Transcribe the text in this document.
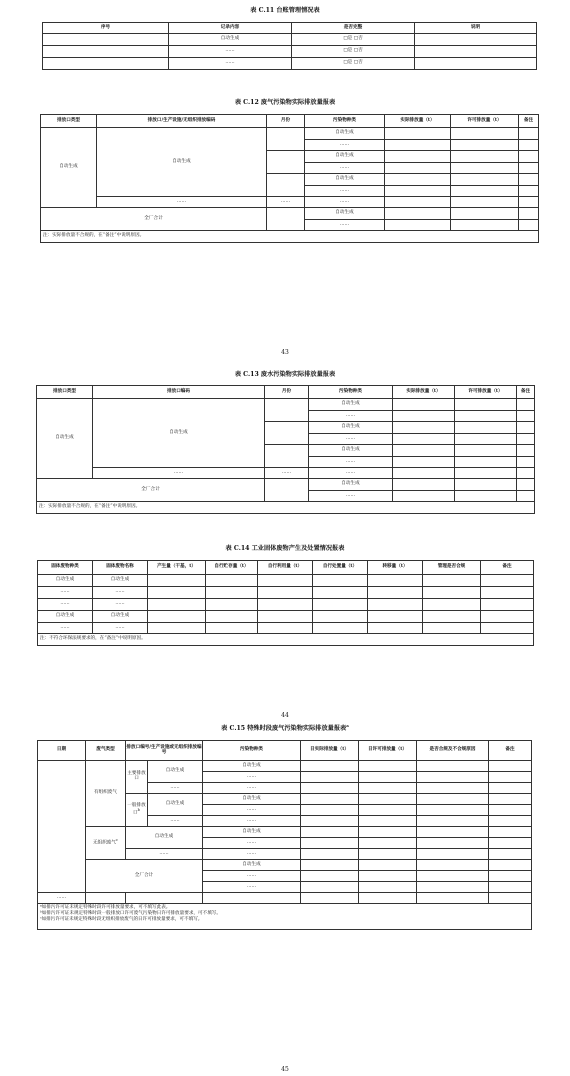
表 C.11 台账管理情况表
序号	记录内容	是否完整	说明
	自动生成	□是 □否	
	……	□是 □否	
	……	□是 □否	
表 C.12 废气污染物实际排放量报表
排放口类型	排放口/生产设施/无组织排放编码	月份	污染物种类	实际排放量（t）	许可排放量（t）	备注
自动生成	自动生成		自动生成			
			……			
			自动生成			
			……			
			自动生成			
			……			
	……	……	……			
全厂合计			自动生成			
			……			
注：实际排放量不合规的，在“备注”中说明原因。						
43
表 C.13 废水污染物实际排放量报表
排放口类型	排放口编码	月份	污染物种类	实际排放量（t）	许可排放量（t）	备注
自动生成	自动生成		自动生成			
			……			
			自动生成			
			……			
			自动生成			
			……			
	……	……	……			
全厂合计			自动生成			
			……			
注：实际排放量不合规的，在“备注”中说明原因。						
表 C.14 工业固体废物产生及处置情况报表
固体废物种类	固体废物名称	产生量（干基，t）	自行贮存量（t）	自行利用量（t）	自行处置量（t）	转移量（t）	管理是否合规	备注
自动生成	自动生成							
……	……							
……	……							
自动生成	自动生成							
……	……							
注：不符合环保法规要求的，在“备注”中说明原因。								
44
表 C.15 特殊时段废气污染物实际排放量报表$^a$
日期	废气类型	排放口编号/生产设施或无组织排放编号		污染物种类	日实际排放量（t）	日许可排放量（t）	是否合规及不合规原因	备注
	有组织废气	主要排放口	自动生成	自动生成				
				……				
			……	……				
		一般排放口$^b$	自动生成	自动生成				
				……				
			……	……				
	无组织废气$^c$	自动生成		自动生成				
				……				
		……		……				
	全厂合计			自动生成				
				……				
				……				
……								

ᵃ如排污许可证未规定特殊时段许可排放量要求，可不填写此表。
ᵇ如排污许可证未规定特殊时段一般排放口许可废气污染物日许可排放量要求，可不填写。
ᶜ如排污许可证未规定特殊时段无组织排放废气的日许可排放量要求，可不填写。								
45
